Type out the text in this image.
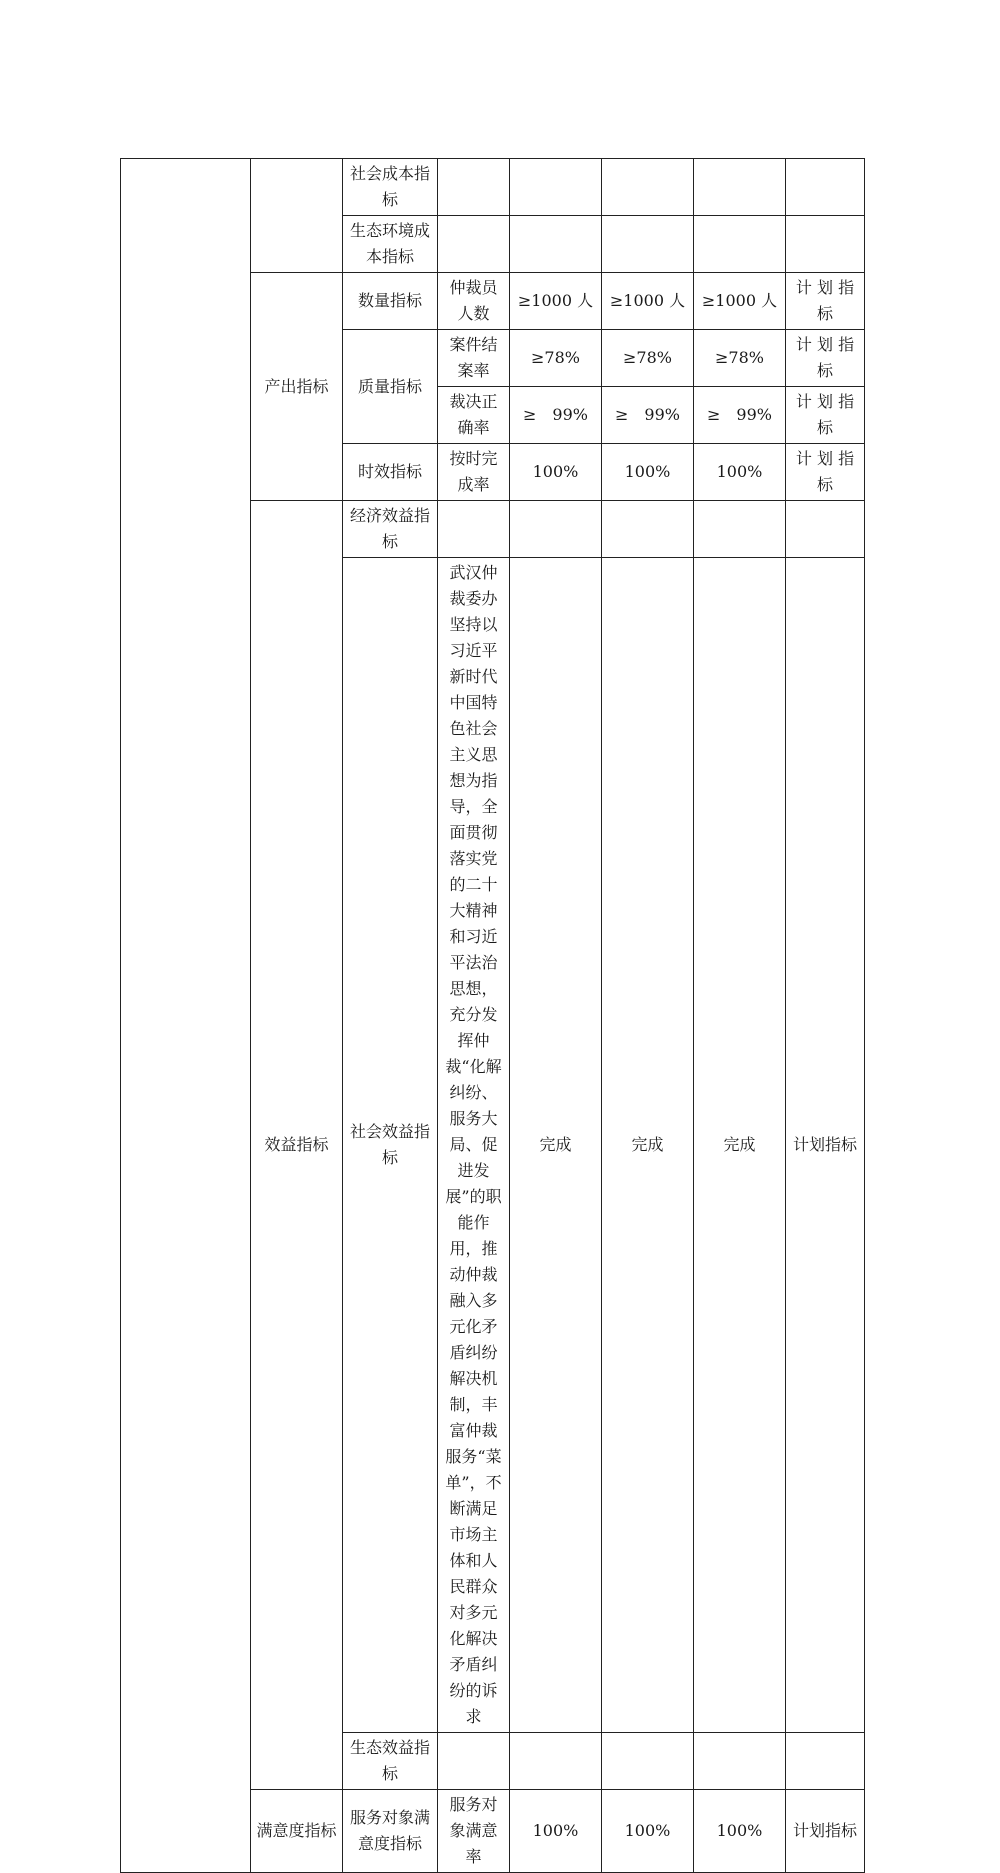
		社会成本指标					
		生态环境成本指标					
	产出指标	数量指标	仲裁员人数	≥1000 人	≥1000 人	≥1000 人	计 划 指 标
		质量指标	案件结案率	≥78%	≥78%	≥78%	计 划 指 标
			裁决正确率	≥　99%	≥　99%	≥　99%	计 划 指 标
		时效指标	按时完成率	100%	100%	100%	计 划 指 标
	效益指标	经济效益指标					
		社会效益指标	武汉仲裁委办坚持以习近平新时代中国特色社会主义思想为指导，全面贯彻落实党的二十大精神和习近平法治思想，充分发挥仲裁“化解纠纷、服务大局、促进发展”的职能作用，推动仲裁融入多元化矛盾纠纷解决机制，丰富仲裁服务“菜单”，不断满足市场主体和人民群众对多元化解决矛盾纠纷的诉求	完成	完成	完成	计划指标
		生态效益指标					
	满意度指标	服务对象满意度指标	服务对象满意率	100%	100%	100%	计划指标
